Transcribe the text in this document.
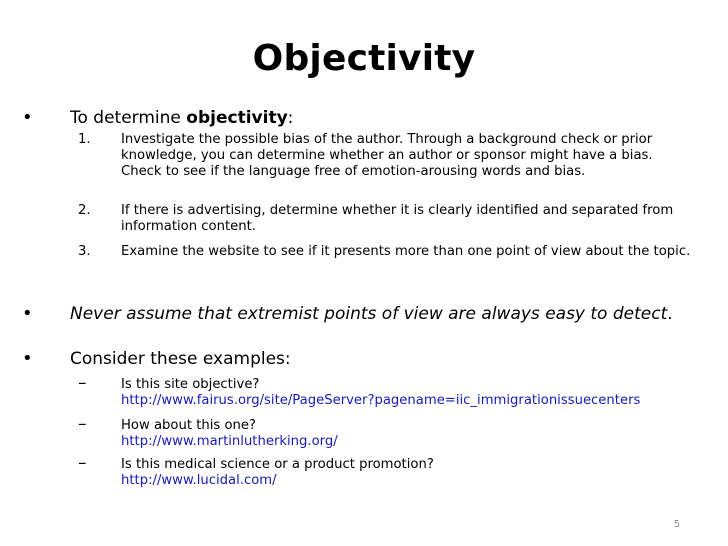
Objectivity
• To determine objectivity:
1. Investigate the possible bias of the author. Through a background check or prior knowledge, you can determine whether an author or sponsor might have a bias. Check to see if the language free of emotion-arousing words and bias.
2. If there is advertising, determine whether it is clearly identified and separated from information content.
3. Examine the website to see if it presents more than one point of view about the topic.
• Never assume that extremist points of view are always easy to detect.
• Consider these examples:
–	Is this site objective?
http://www.fairus.org/site/PageServer?pagename=iic_immigrationissuecenters
–	How about this one?
http://www.martinlutherking.org/
–	Is this medical science or a product promotion?
http://www.lucidal.com/
5
